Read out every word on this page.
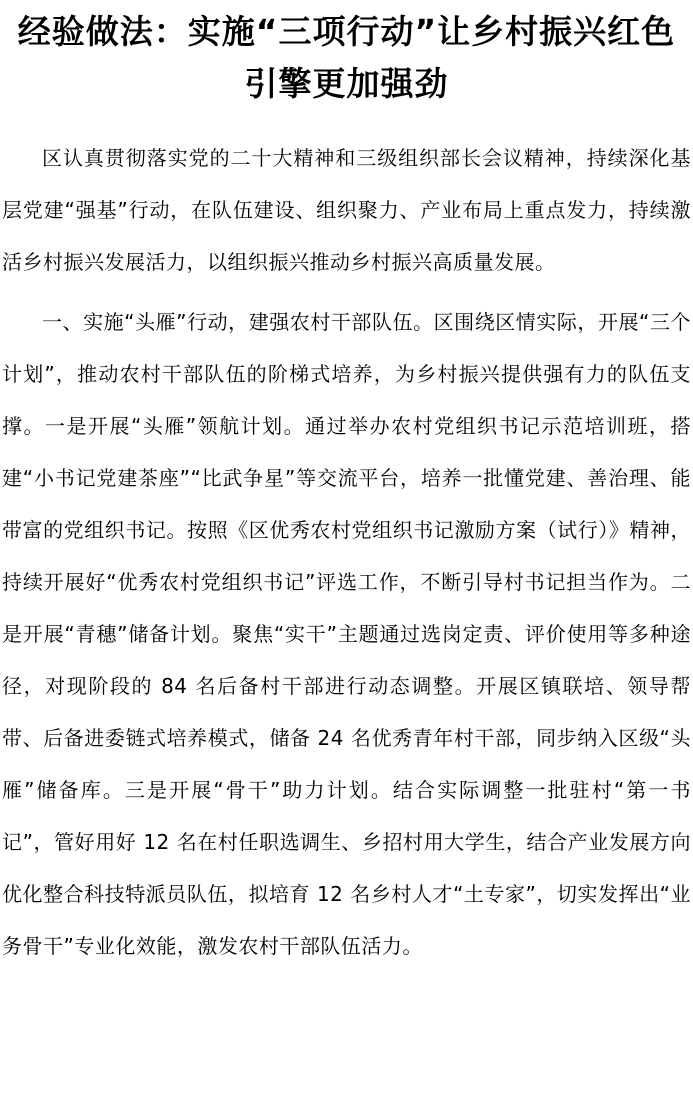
经验做法：实施“三项行动”让乡村振兴红色引擎更加强劲

区认真贯彻落实党的二十大精神和三级组织部长会议精神，持续深化基层党建“强基”行动，在队伍建设、组织聚力、产业布局上重点发力，持续激活乡村振兴发展活力，以组织振兴推动乡村振兴高质量发展。

一、实施“头雁”行动，建强农村干部队伍。区围绕区情实际，开展“三个计划”，推动农村干部队伍的阶梯式培养，为乡村振兴提供强有力的队伍支撑。一是开展“头雁”领航计划。通过举办农村党组织书记示范培训班，搭建“小书记党建茶座”“比武争星”等交流平台，培养一批懂党建、善治理、能带富的党组织书记。按照《区优秀农村党组织书记激励方案（试行）》精神，持续开展好“优秀农村党组织书记”评选工作，不断引导村书记担当作为。二是开展“青穗”储备计划。聚焦“实干”主题通过选岗定责、评价使用等多种途径，对现阶段的 84 名后备村干部进行动态调整。开展区镇联培、领导帮带、后备进委链式培养模式，储备 24 名优秀青年村干部，同步纳入区级“头雁”储备库。三是开展“骨干”助力计划。结合实际调整一批驻村“第一书记”，管好用好 12 名在村任职选调生、乡招村用大学生，结合产业发展方向优化整合科技特派员队伍，拟培育 12 名乡村人才“土专家”，切实发挥出“业务骨干”专业化效能，激发农村干部队伍活力。
